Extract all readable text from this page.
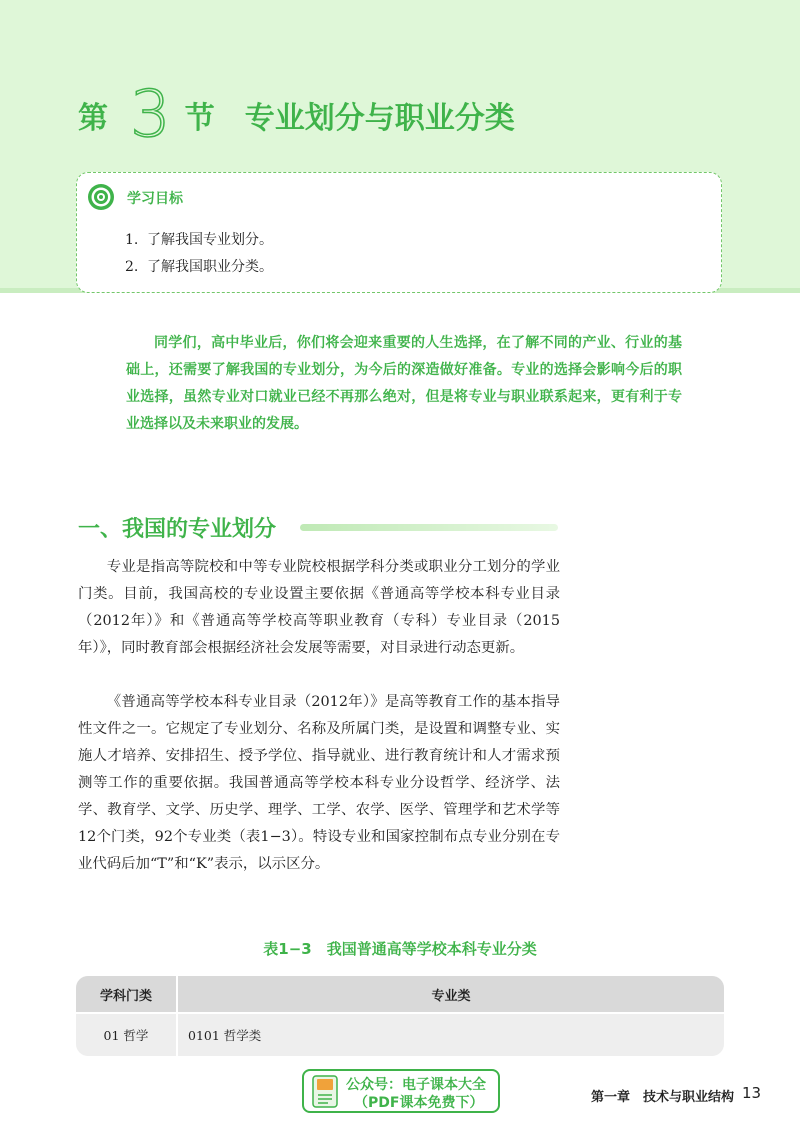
第 3 节 专业划分与职业分类
学习目标
1. 了解我国专业划分。
2. 了解我国职业分类。
同学们，高中毕业后，你们将会迎来重要的人生选择，在了解不同的产业、行业的基础上，还需要了解我国的专业划分，为今后的深造做好准备。专业的选择会影响今后的职业选择，虽然专业对口就业已经不再那么绝对，但是将专业与职业联系起来，更有利于专业选择以及未来职业的发展。
一、我国的专业划分
专业是指高等院校和中等专业院校根据学科分类或职业分工划分的学业门类。目前，我国高校的专业设置主要依据《普通高等学校本科专业目录（2012年）》和《普通高等学校高等职业教育（专科）专业目录（2015年）》，同时教育部会根据经济社会发展等需要，对目录进行动态更新。
《普通高等学校本科专业目录（2012年）》是高等教育工作的基本指导性文件之一。它规定了专业划分、名称及所属门类，是设置和调整专业、实施人才培养、安排招生、授予学位、指导就业、进行教育统计和人才需求预测等工作的重要依据。我国普通高等学校本科专业分设哲学、经济学、法学、教育学、文学、历史学、理学、工学、农学、医学、管理学和艺术学等12个门类，92个专业类（表1−3）。特设专业和国家控制布点专业分别在专业代码后加“T”和“K”表示，以示区分。
表1−3　我国普通高等学校本科专业分类
学科门类	专业类
01 哲学	0101 哲学类
公众号：电子课本大全
（PDF课本免费下）	第一章　技术与职业结构 13
